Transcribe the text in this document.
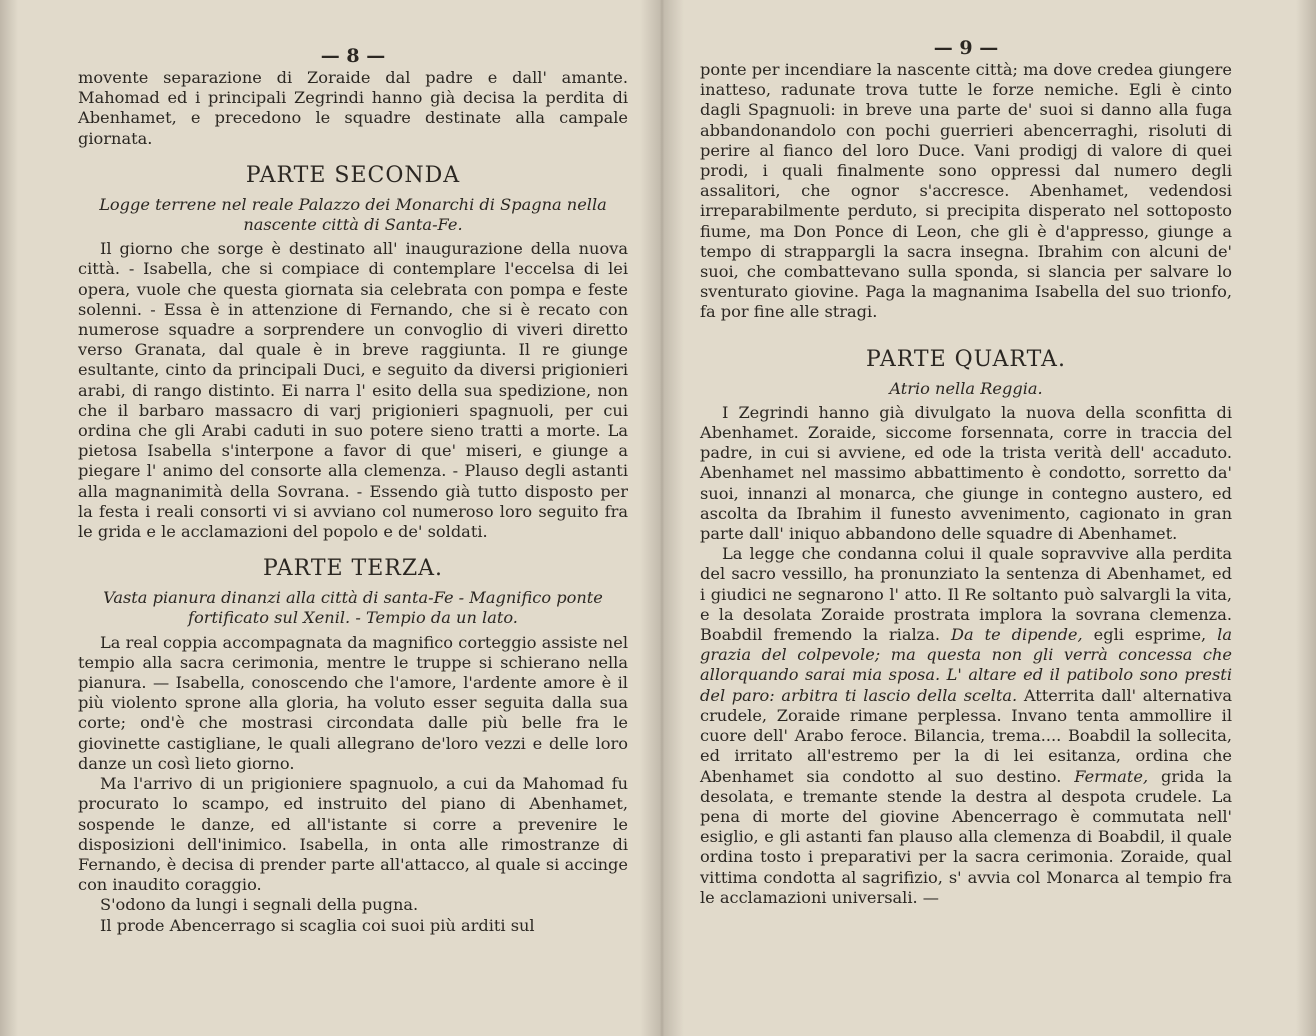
— 8 —

movente separazione di Zoraide dal padre e dall' amante. Mahomad ed i principali Zegrindi hanno già decisa la perdita di Abenhamet, e precedono le squadre destinate alla campale giornata.

PARTE SECONDA
Logge terrene nel reale Palazzo dei Monarchi di Spagna nella nascente città di Santa-Fe.

Il giorno che sorge è destinato all' inaugurazione della nuova città. - Isabella, che si compiace di contemplare l'eccelsa di lei opera, vuole che questa giornata sia celebrata con pompa e feste solenni. - Essa è in attenzione di Fernando, che si è recato con numerose squadre a sorprendere un convoglio di viveri diretto verso Granata, dal quale è in breve raggiunta. Il re giunge esultante, cinto da principali Duci, e seguito da diversi prigionieri arabi, di rango distinto. Ei narra l' esito della sua spedizione, non che il barbaro massacro di varj prigionieri spagnuoli, per cui ordina che gli Arabi caduti in suo potere sieno tratti a morte. La pietosa Isabella s'interpone a favor di que' miseri, e giunge a piegare l' animo del consorte alla clemenza. - Plauso degli astanti alla magnanimità della Sovrana. - Essendo già tutto disposto per la festa i reali consorti vi si avviano col numeroso loro seguito fra le grida e le acclamazioni del popolo e de' soldati.

PARTE TERZA.
Vasta pianura dinanzi alla città di santa-Fe - Magnifico ponte fortificato sul Xenil. - Tempio da un lato.

La real coppia accompagnata da magnifico corteggio assiste nel tempio alla sacra cerimonia, mentre le truppe si schierano nella pianura. — Isabella, conoscendo che l'amore, l'ardente amore è il più violento sprone alla gloria, ha voluto esser seguita dalla sua corte; ond'è che mostrasi circondata dalle più belle fra le giovinette castigliane, le quali allegrano de'loro vezzi e delle loro danze un così lieto giorno.

Ma l'arrivo di un prigioniere spagnuolo, a cui da Mahomad fu procurato lo scampo, ed instruito del piano di Abenhamet, sospende le danze, ed all'istante si corre a prevenire le disposizioni dell'inimico. Isabella, in onta alle rimostranze di Fernando, è decisa di prender parte all'attacco, al quale si accinge con inaudito coraggio.

S'odono da lungi i segnali della pugna.

Il prode Abencerrago si scaglia coi suoi più arditi sul

— 9 —

ponte per incendiare la nascente città; ma dove credea giungere inatteso, radunate trova tutte le forze nemiche. Egli è cinto dagli Spagnuoli: in breve una parte de' suoi si danno alla fuga abbandonandolo con pochi guerrieri abencerraghi, risoluti di perire al fianco del loro Duce. Vani prodigj di valore di quei prodi, i quali finalmente sono oppressi dal numero degli assalitori, che ognor s'accresce. Abenhamet, vedendosi irreparabilmente perduto, si precipita disperato nel sottoposto fiume, ma Don Ponce di Leon, che gli è d'appresso, giunge a tempo di strappargli la sacra insegna. Ibrahim con alcuni de' suoi, che combattevano sulla sponda, si slancia per salvare lo sventurato giovine. Paga la magnanima Isabella del suo trionfo, fa por fine alle stragi.

PARTE QUARTA.
Atrio nella Reggia.

I Zegrindi hanno già divulgato la nuova della sconfitta di Abenhamet. Zoraide, siccome forsennata, corre in traccia del padre, in cui si avviene, ed ode la trista verità dell' accaduto. Abenhamet nel massimo abbattimento è condotto, sorretto da' suoi, innanzi al monarca, che giunge in contegno austero, ed ascolta da Ibrahim il funesto avvenimento, cagionato in gran parte dall' iniquo abbandono delle squadre di Abenhamet.

La legge che condanna colui il quale sopravvive alla perdita del sacro vessillo, ha pronunziato la sentenza di Abenhamet, ed i giudici ne segnarono l' atto. Il Re soltanto può salvargli la vita, e la desolata Zoraide prostrata implora la sovrana clemenza. Boabdil fremendo la rialza. Da te dipende, egli esprime, la grazia del colpevole; ma questa non gli verrà concessa che allorquando sarai mia sposa. L' altare ed il patibolo sono presti del paro: arbitra ti lascio della scelta. Atterrita dall' alternativa crudele, Zoraide rimane perplessa. Invano tenta ammollire il cuore dell' Arabo feroce. Bilancia, trema.... Boabdil la sollecita, ed irritato all'estremo per la di lei esitanza, ordina che Abenhamet sia condotto al suo destino. Fermate, grida la desolata, e tremante stende la destra al despota crudele. La pena di morte del giovine Abencerrago è commutata nell' esiglio, e gli astanti fan plauso alla clemenza di Boabdil, il quale ordina tosto i preparativi per la sacra cerimonia. Zoraide, qual vittima condotta al sagrifizio, s' avvia col Monarca al tempio fra le acclamazioni universali. —
